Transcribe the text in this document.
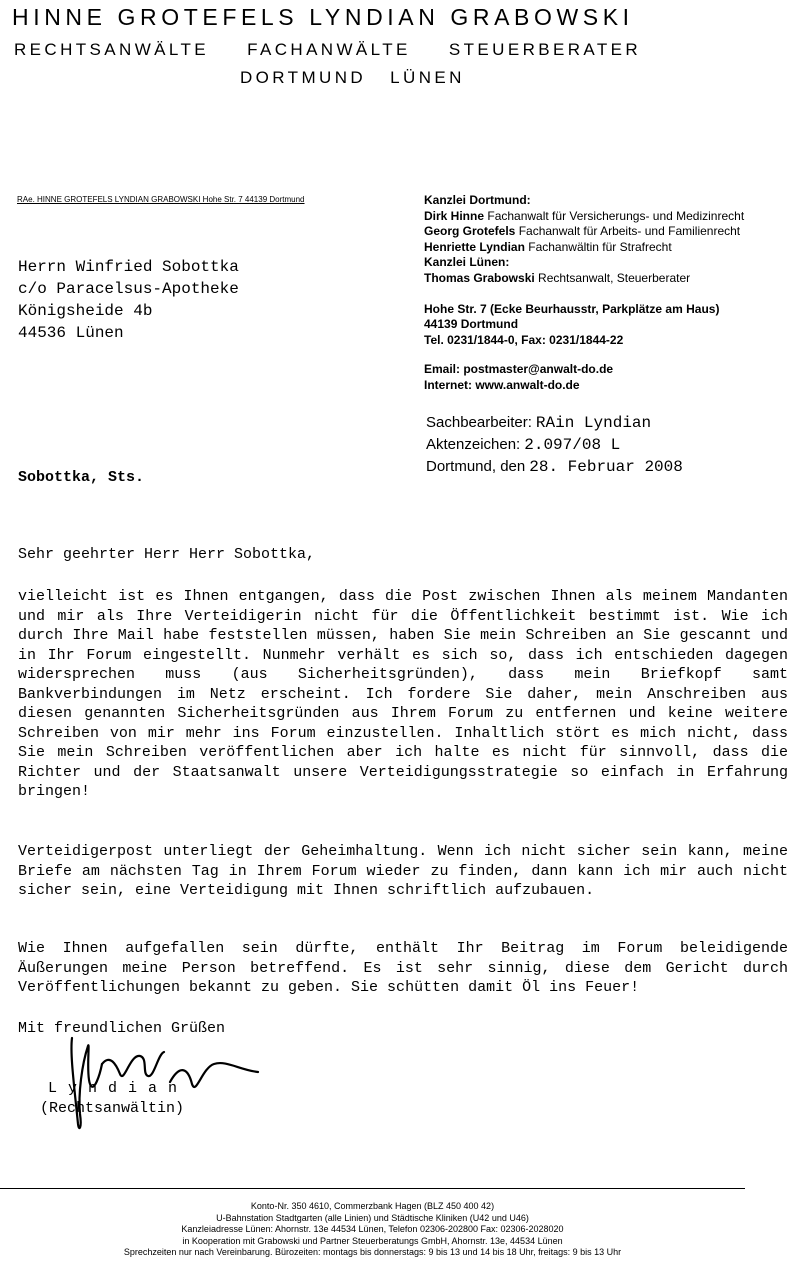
HINNE GROTEFELS LYNDIAN GRABOWSKI
RECHTSANWÄLTE FACHANWÄLTE STEUERBERATER
DORTMUND LÜNEN
RAe. HINNE GROTEFELS LYNDIAN GRABOWSKI Hohe Str. 7 44139 Dortmund
Herrn Winfried Sobottka
c/o Paracelsus-Apotheke
Königsheide 4b
44536 Lünen
Kanzlei Dortmund:
Dirk Hinne Fachanwalt für Versicherungs- und Medizinrecht
Georg Grotefels Fachanwalt für Arbeits- und Familienrecht
Henriette Lyndian Fachanwältin für Strafrecht
Kanzlei Lünen:
Thomas Grabowski Rechtsanwalt, Steuerberater
Hohe Str. 7 (Ecke Beurhausstr, Parkplätze am Haus)
44139 Dortmund
Tel. 0231/1844-0, Fax: 0231/1844-22
Email: postmaster@anwalt-do.de
Internet: www.anwalt-do.de
Sachbearbeiter: RAin Lyndian
Aktenzeichen: 2.097/08 L
Dortmund, den 28. Februar 2008
Sobottka, Sts.
Sehr geehrter Herr Herr Sobottka,
vielleicht ist es Ihnen entgangen, dass die Post zwischen Ihnen als meinem Mandanten und mir als Ihre Verteidigerin nicht für die Öffentlichkeit bestimmt ist. Wie ich durch Ihre Mail habe feststellen müssen, haben Sie mein Schreiben an Sie gescannt und in Ihr Forum eingestellt. Nunmehr verhält es sich so, dass ich entschieden dagegen widersprechen muss (aus Sicherheitsgründen), dass mein Briefkopf samt Bankverbindungen im Netz erscheint. Ich fordere Sie daher, mein Anschreiben aus diesen genannten Sicherheitsgründen aus Ihrem Forum zu entfernen und keine weitere Schreiben von mir mehr ins Forum einzustellen. Inhaltlich stört es mich nicht, dass Sie mein Schreiben veröffentlichen aber ich halte es nicht für sinnvoll, dass die Richter und der Staatsanwalt unsere Verteidigungsstrategie so einfach in Erfahrung bringen!
Verteidigerpost unterliegt der Geheimhaltung. Wenn ich nicht sicher sein kann, meine Briefe am nächsten Tag in Ihrem Forum wieder zu finden, dann kann ich mir auch nicht sicher sein, eine Verteidigung mit Ihnen schriftlich aufzubauen.
Wie Ihnen aufgefallen sein dürfte, enthält Ihr Beitrag im Forum beleidigende Äußerungen meine Person betreffend. Es ist sehr sinnig, diese dem Gericht durch Veröffentlichungen bekannt zu geben. Sie schütten damit Öl ins Feuer!
Mit freundlichen Grüßen
Lyndian
(Rechtsanwältin)
Konto-Nr. 350 4610, Commerzbank Hagen (BLZ 450 400 42)
U-Bahnstation Stadtgarten (alle Linien) und Städtische Kliniken (U42 und U46)
Kanzleiadresse Lünen: Ahornstr. 13e 44534 Lünen, Telefon 02306-202800 Fax: 02306-2028020
in Kooperation mit Grabowski und Partner Steuerberatungs GmbH, Ahornstr. 13e, 44534 Lünen
Sprechzeiten nur nach Vereinbarung. Bürozeiten: montags bis donnerstags: 9 bis 13 und 14 bis 18 Uhr, freitags: 9 bis 13 Uhr
